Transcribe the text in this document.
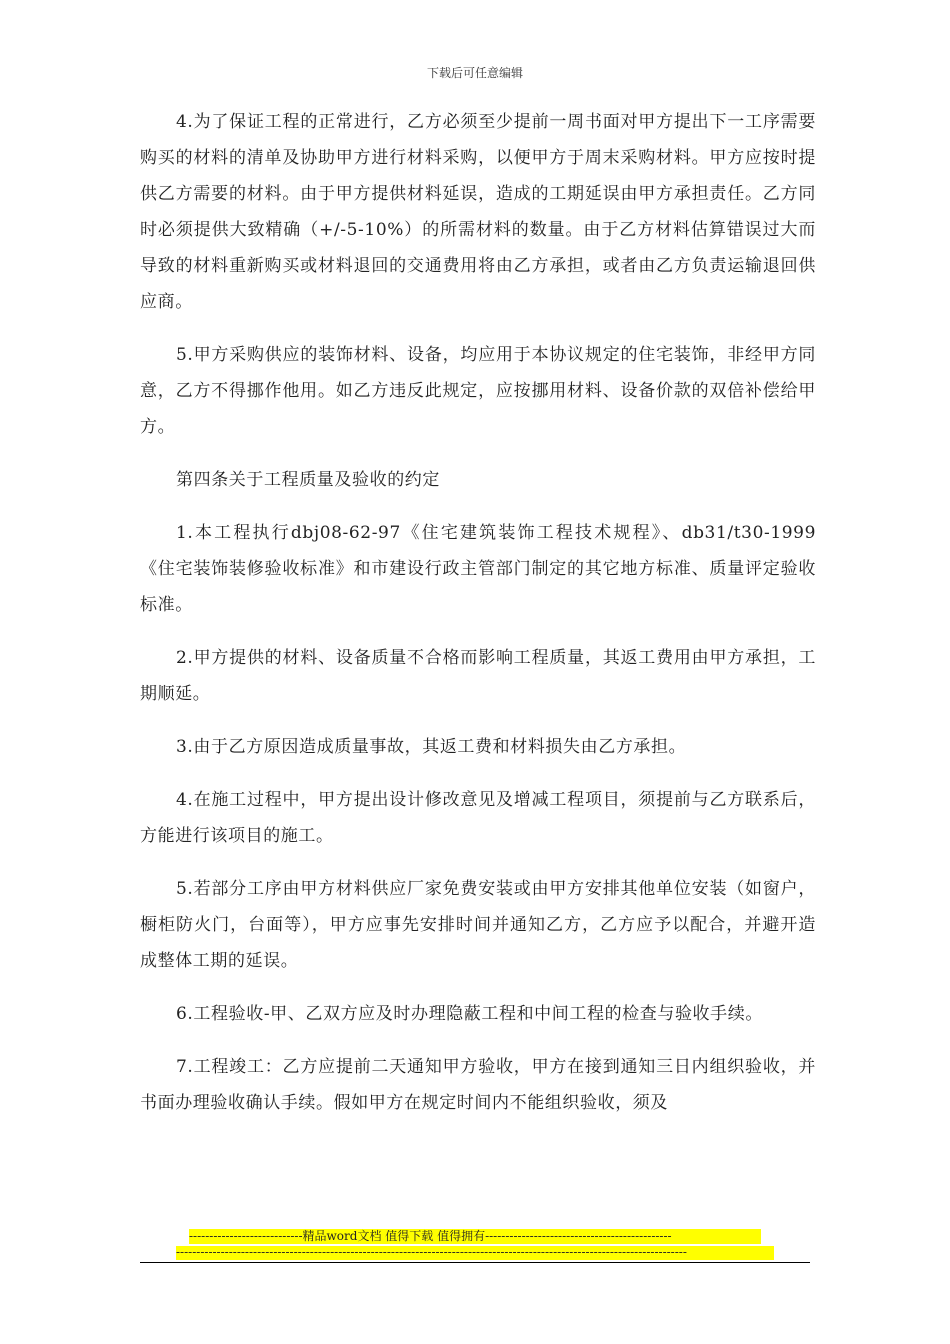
下载后可任意编辑

4.为了保证工程的正常进行，乙方必须至少提前一周书面对甲方提出下一工序需要购买的材料的清单及协助甲方进行材料采购，以便甲方于周末采购材料。甲方应按时提供乙方需要的材料。由于甲方提供材料延误，造成的工期延误由甲方承担责任。乙方同时必须提供大致精确（+/-5-10%）的所需材料的数量。由于乙方材料估算错误过大而导致的材料重新购买或材料退回的交通费用将由乙方承担，或者由乙方负责运输退回供应商。

5.甲方采购供应的装饰材料、设备，均应用于本协议规定的住宅装饰，非经甲方同意，乙方不得挪作他用。如乙方违反此规定，应按挪用材料、设备价款的双倍补偿给甲方。

第四条关于工程质量及验收的约定

1.本工程执行dbj08-62-97《住宅建筑装饰工程技术规程》、db31/t30-1999《住宅装饰装修验收标准》和市建设行政主管部门制定的其它地方标准、质量评定验收标准。

2.甲方提供的材料、设备质量不合格而影响工程质量，其返工费用由甲方承担，工期顺延。

3.由于乙方原因造成质量事故，其返工费和材料损失由乙方承担。

4.在施工过程中，甲方提出设计修改意见及增减工程项目，须提前与乙方联系后，方能进行该项目的施工。

5.若部分工序由甲方材料供应厂家免费安装或由甲方安排其他单位安装（如窗户，橱柜防火门，台面等），甲方应事先安排时间并通知乙方，乙方应予以配合，并避开造成整体工期的延误。

6.工程验收-甲、乙双方应及时办理隐蔽工程和中间工程的检查与验收手续。

7.工程竣工：乙方应提前二天通知甲方验收，甲方在接到通知三日内组织验收，并书面办理验收确认手续。假如甲方在规定时间内不能组织验收，须及

----------------------------精品word文档 值得下载 值得拥有----------------------------------------------
------------------------------------------------------------------------------------------------------------------------------
